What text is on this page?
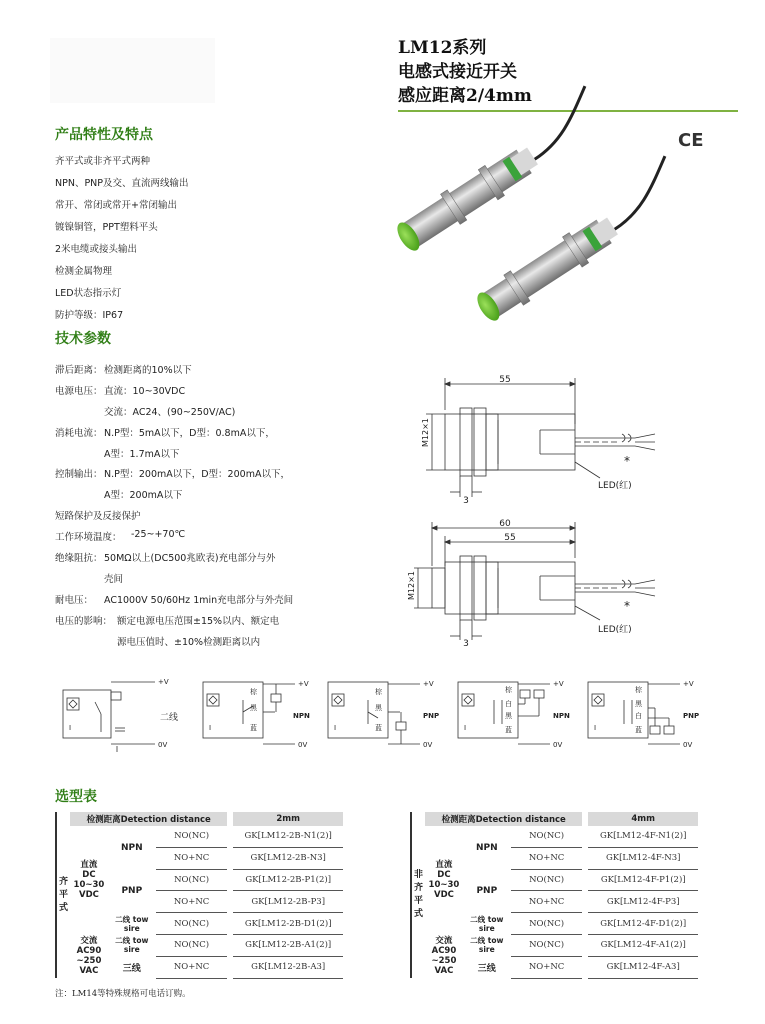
LM12系列
电感式接近开关
感应距离2/4mm
产品特性及特点	CE
齐平式或非齐平式两种
NPN、PNP及交、直流两线输出
常开、常闭或常开+常闭输出
镀镍铜管，PPT塑料平头
2米电缆或接头输出
检测金属物理
LED状态指示灯
防护等级：IP67
技术参数
滞后距离： 检测距离的10%以下
电源电压： 直流：10~30VDC
交流：AC24、(90~250V/AC)
消耗电流： N.P型：5mA以下，D型：0.8mA以下，
A型：1.7mA以下
控制输出： N.P型：200mA以下，D型：200mA以下，
A型：200mA以下
短路保护及反接保护
工作环境温度： -25~+70℃
绝缘阻抗： 50MΩ以上(DC500兆欧表)充电部分与外
壳间
耐电压： AC1000V 50/60Hz 1min充电部分与外壳间
电压的影响： 额定电源电压范围±15%以内、额定电
源电压值时、±10%检测距离以内
55
M12×1
3
LED(红)
*
60
55
M12×1
3
LED(红)
*
+V
0V
二线
I
+V
0V
NPN
棕
黑
蓝
I
+V
0V
PNP
棕
黑
蓝
I
+V
0V
NPN
棕
白
黑
蓝
I
+V
0V
PNP
棕
黑
白
蓝
I
选型表
齐
平
式	检测距离Detection distance				2mm

	直流
DC
10~30
VDC	NPN	NO(NC)		GK[LM12-2B-N1(2)]
			NO+NC		GK[LM12-2B-N3]
		PNP	NO(NC)		GK[LM12-2B-P1(2)]
			NO+NC		GK[LM12-2B-P3]
		二线 tow sire	NO(NC)		GK[LM12-2B-D1(2)]

	交流
AC90
~250
VAC	二线 tow sire	NO(NC)		GK[LM12-2B-A1(2)]
		三线	NO+NC		GK[LM12-2B-A3]
非
齐
平
式	检测距离Detection distance				4mm

	直流
DC
10~30
VDC	NPN	NO(NC)		GK[LM12-4F-N1(2)]
			NO+NC		GK[LM12-4F-N3]
		PNP	NO(NC)		GK[LM12-4F-P1(2)]
			NO+NC		GK[LM12-4F-P3]
		二线 tow sire	NO(NC)		GK[LM12-4F-D1(2)]

	交流
AC90
~250
VAC	二线 tow sire	NO(NC)		GK[LM12-4F-A1(2)]
		三线	NO+NC		GK[LM12-4F-A3]
注：LM14等特殊规格可电话订购。
